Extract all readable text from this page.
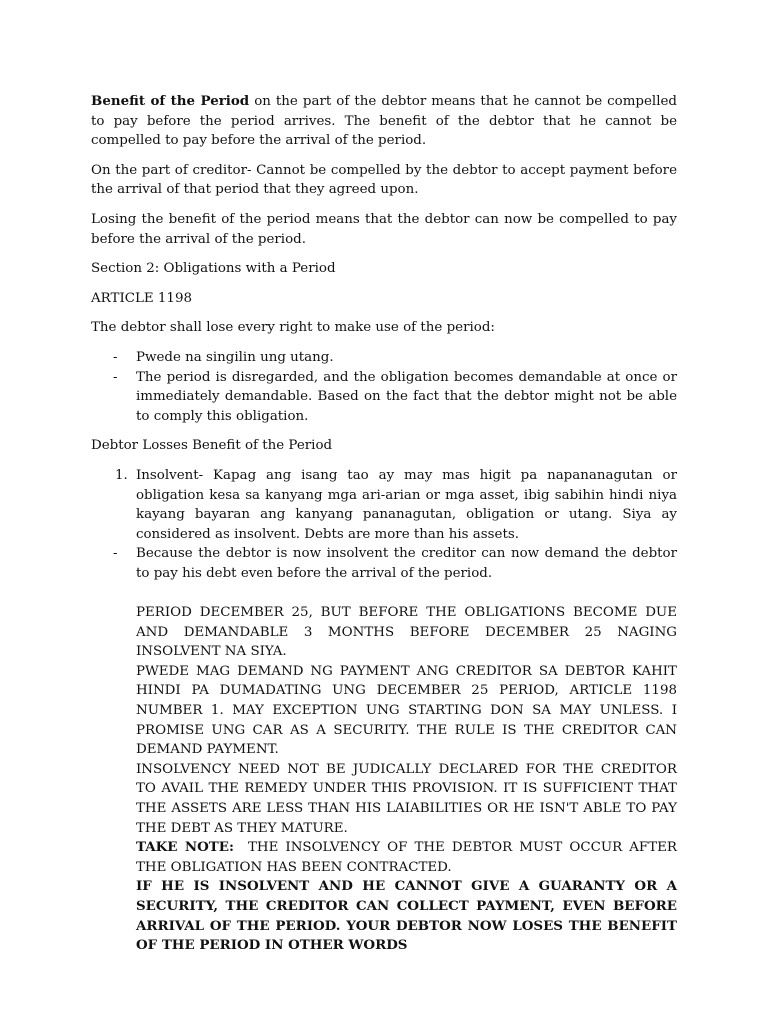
Benefit of the Period on the part of the debtor means that he cannot be compelled to pay before the period arrives. The benefit of the debtor that he cannot be compelled to pay before the arrival of the period.

On the part of creditor- Cannot be compelled by the debtor to accept payment before the arrival of that period that they agreed upon.

Losing the benefit of the period means that the debtor can now be compelled to pay before the arrival of the period.

Section 2: Obligations with a Period

ARTICLE 1198

The debtor shall lose every right to make use of the period:

- Pwede na singilin ung utang.
- The period is disregarded, and the obligation becomes demandable at once or immediately demandable. Based on the fact that the debtor might not be able to comply this obligation.

Debtor Losses Benefit of the Period

1. Insolvent- Kapag ang isang tao ay may mas higit pa napananagutan or obligation kesa sa kanyang mga ari-arian or mga asset, ibig sabihin hindi niya kayang bayaran ang kanyang pananagutan, obligation or utang. Siya ay considered as insolvent. Debts are more than his assets.
- Because the debtor is now insolvent the creditor can now demand the debtor to pay his debt even before the arrival of the period.

PERIOD DECEMBER 25, BUT BEFORE THE OBLIGATIONS BECOME DUE AND DEMANDABLE 3 MONTHS BEFORE DECEMBER 25 NAGING INSOLVENT NA SIYA.

PWEDE MAG DEMAND NG PAYMENT ANG CREDITOR SA DEBTOR KAHIT HINDI PA DUMADATING UNG DECEMBER 25 PERIOD, ARTICLE 1198 NUMBER 1. MAY EXCEPTION UNG STARTING DON SA MAY UNLESS. I PROMISE UNG CAR AS A SECURITY. THE RULE IS THE CREDITOR CAN DEMAND PAYMENT.

INSOLVENCY NEED NOT BE JUDICALLY DECLARED FOR THE CREDITOR TO AVAIL THE REMEDY UNDER THIS PROVISION. IT IS SUFFICIENT THAT THE ASSETS ARE LESS THAN HIS LAIABILITIES OR HE ISN'T ABLE TO PAY THE DEBT AS THEY MATURE.

TAKE NOTE:  THE INSOLVENCY OF THE DEBTOR MUST OCCUR AFTER THE OBLIGATION HAS BEEN CONTRACTED.

IF HE IS INSOLVENT AND HE CANNOT GIVE A GUARANTY OR A SECURITY, THE CREDITOR CAN COLLECT PAYMENT, EVEN BEFORE ARRIVAL OF THE PERIOD. YOUR DEBTOR NOW LOSES THE BENEFIT OF THE PERIOD IN OTHER WORDS
